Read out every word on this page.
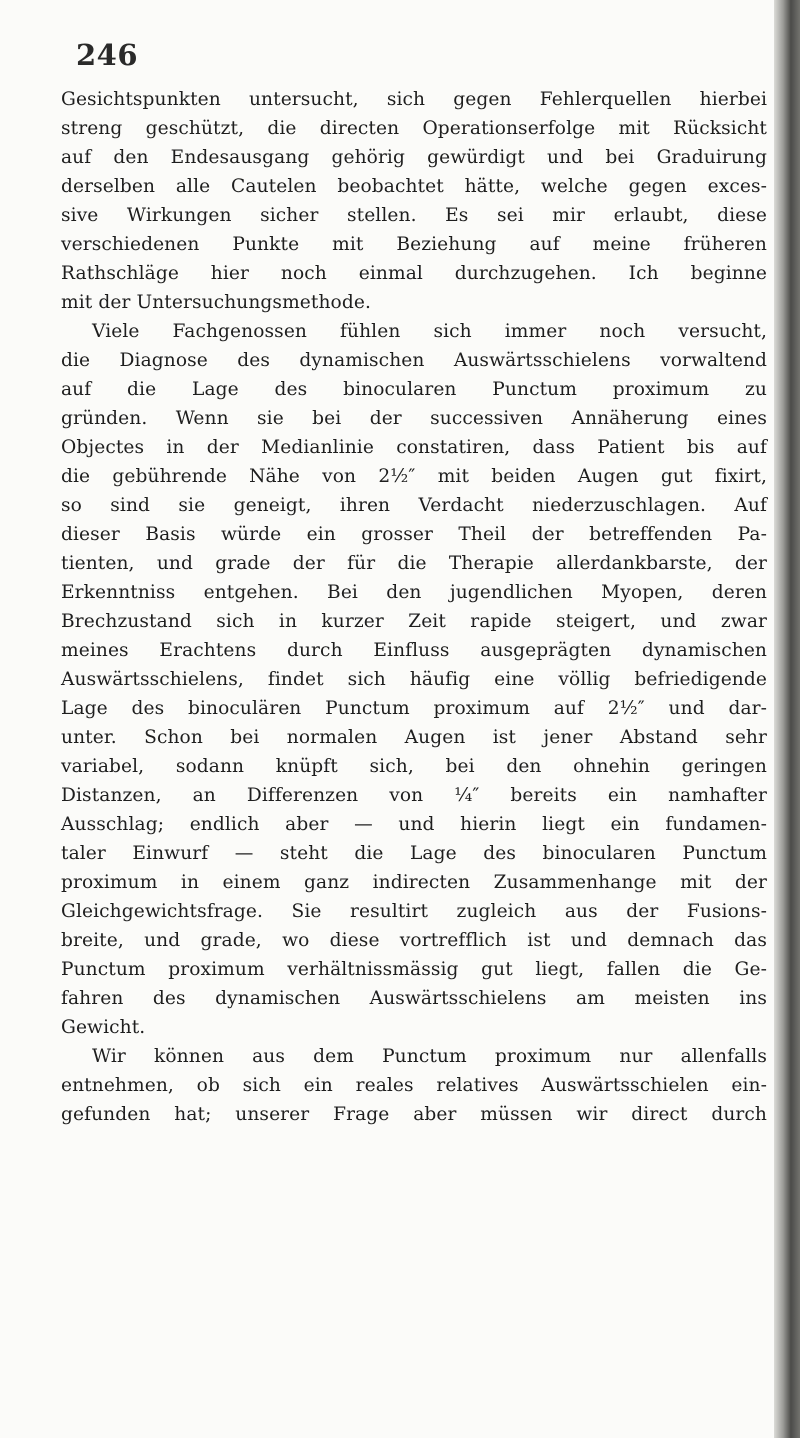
246
Gesichtspunkten untersucht, sich gegen Fehlerquellen hierbei
streng geschützt, die directen Operationserfolge mit Rücksicht
auf den Endesausgang gehörig gewürdigt und bei Graduirung
derselben alle Cautelen beobachtet hätte, welche gegen exces-
sive Wirkungen sicher stellen. Es sei mir erlaubt, diese
verschiedenen Punkte mit Beziehung auf meine früheren
Rathschläge hier noch einmal durchzugehen. Ich beginne
mit der Untersuchungsmethode.
Viele Fachgenossen fühlen sich immer noch versucht,
die Diagnose des dynamischen Auswärtsschielens vorwaltend
auf die Lage des binocularen Punctum proximum zu
gründen. Wenn sie bei der successiven Annäherung eines
Objectes in der Medianlinie constatiren, dass Patient bis auf
die gebührende Nähe von 2½″ mit beiden Augen gut fixirt,
so sind sie geneigt, ihren Verdacht niederzuschlagen. Auf
dieser Basis würde ein grosser Theil der betreffenden Pa-
tienten, und grade der für die Therapie allerdankbarste, der
Erkenntniss entgehen. Bei den jugendlichen Myopen, deren
Brechzustand sich in kurzer Zeit rapide steigert, und zwar
meines Erachtens durch Einfluss ausgeprägten dynamischen
Auswärtsschielens, findet sich häufig eine völlig befriedigende
Lage des binoculären Punctum proximum auf 2½″ und dar-
unter. Schon bei normalen Augen ist jener Abstand sehr
variabel, sodann knüpft sich, bei den ohnehin geringen
Distanzen, an Differenzen von ¼″ bereits ein namhafter
Ausschlag; endlich aber — und hierin liegt ein fundamen-
taler Einwurf — steht die Lage des binocularen Punctum
proximum in einem ganz indirecten Zusammenhange mit der
Gleichgewichtsfrage. Sie resultirt zugleich aus der Fusions-
breite, und grade, wo diese vortrefflich ist und demnach das
Punctum proximum verhältnissmässig gut liegt, fallen die Ge-
fahren des dynamischen Auswärtsschielens am meisten ins
Gewicht.
Wir können aus dem Punctum proximum nur allenfalls
entnehmen, ob sich ein reales relatives Auswärtsschielen ein-
gefunden hat; unserer Frage aber müssen wir direct durch
